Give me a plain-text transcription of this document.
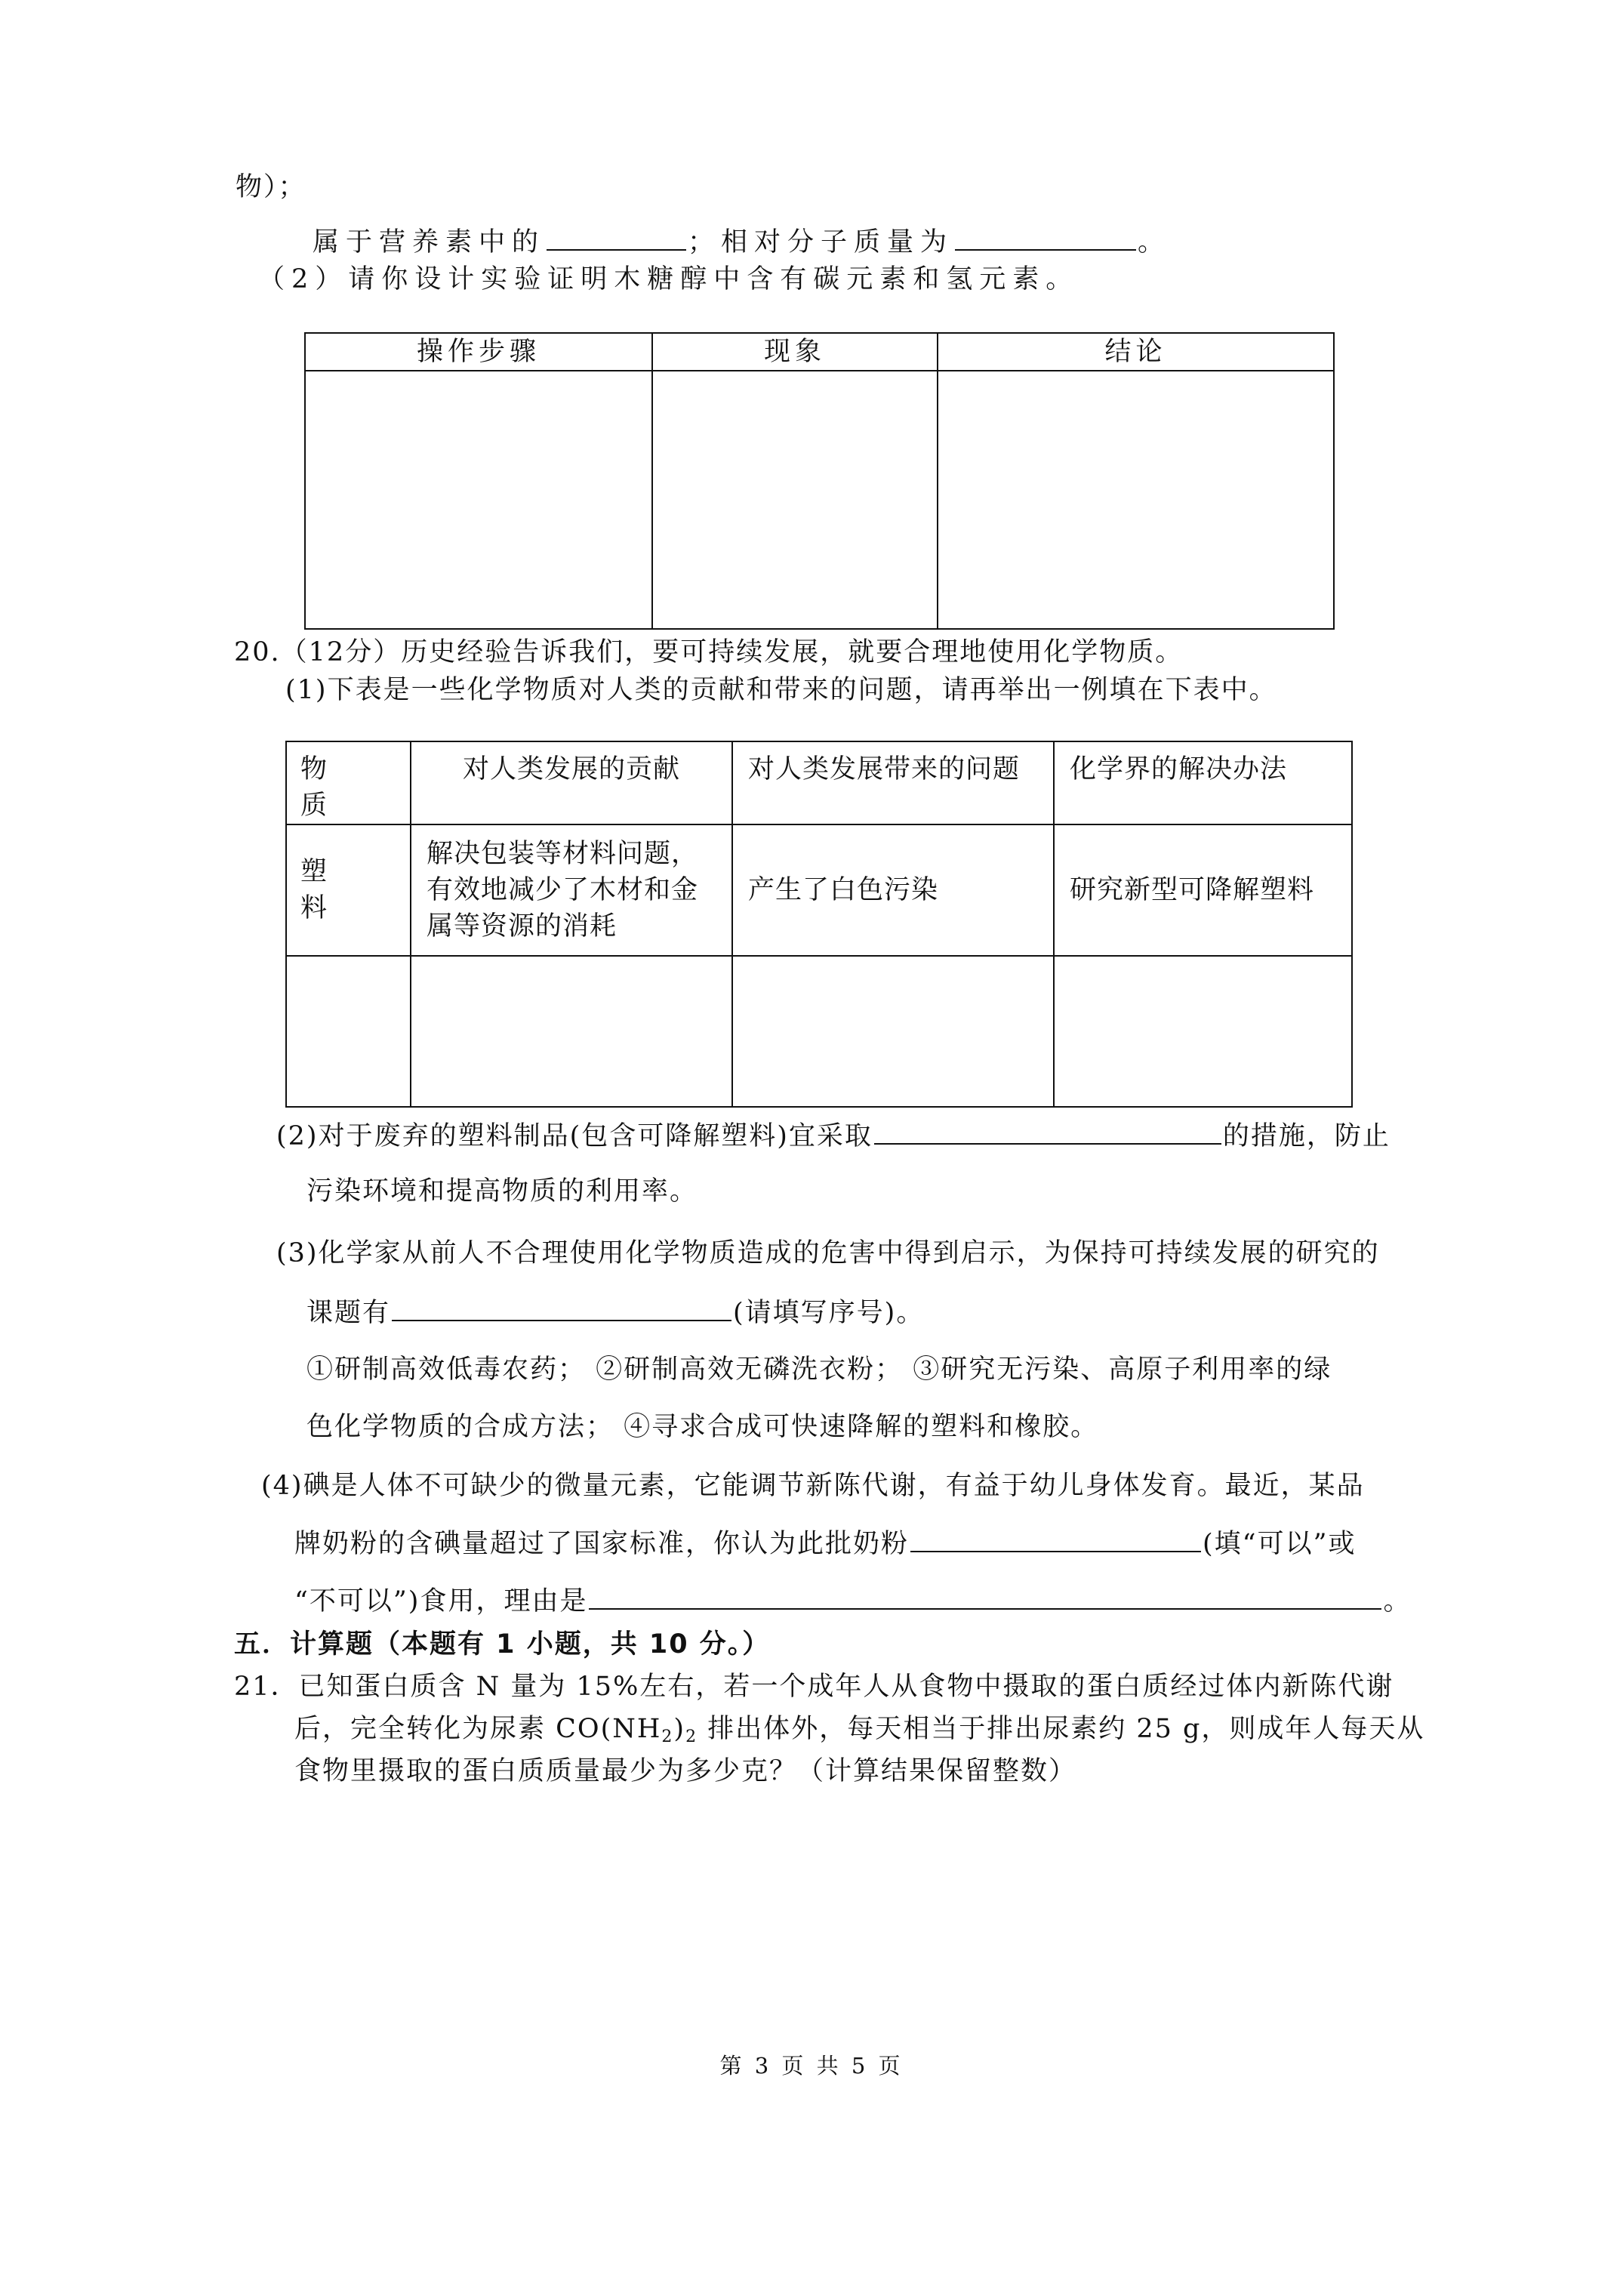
物）；
属于营养素中的	；相对分子质量为	。
（2）请你设计实验证明木糖醇中含有碳元素和氢元素。
操作步骤	现象	结论

20.（12分）历史经验告诉我们，要可持续发展，就要合理地使用化学物质。
(1)下表是一些化学物质对人类的贡献和带来的问题，请再举出一例填在下表中。
物 质	对人类发展的贡献	对人类发展带来的问题	化学界的解决办法
塑料	解决包装等材料问题，
有效地减少了木材和金
属等资源的消耗	产生了白色污染	研究新型可降解塑料

(2)对于废弃的塑料制品(包含可降解塑料)宜采取	的措施，防止
污染环境和提高物质的利用率。
(3)化学家从前人不合理使用化学物质造成的危害中得到启示，为保持可持续发展的研究的
课题有	(请填写序号)。
①研制高效低毒农药； ②研制高效无磷洗衣粉； ③研究无污染、高原子利用率的绿
色化学物质的合成方法； ④寻求合成可快速降解的塑料和橡胶。
(4)碘是人体不可缺少的微量元素，它能调节新陈代谢，有益于幼儿身体发育。最近，某品
牌奶粉的含碘量超过了国家标准，你认为此批奶粉	(填“可以”或
“不可以”)食用，理由是	。
五．计算题（本题有 1 小题，共 10 分。）
21．已知蛋白质含 N 量为 15%左右，若一个成年人从食物中摄取的蛋白质经过体内新陈代谢
后，完全转化为尿素 $CO(NH_2)_2$ 排出体外，每天相当于排出尿素约 25 g，则成年人每天从
食物里摄取的蛋白质质量最少为多少克？（计算结果保留整数）
第 3 页 共 5 页
